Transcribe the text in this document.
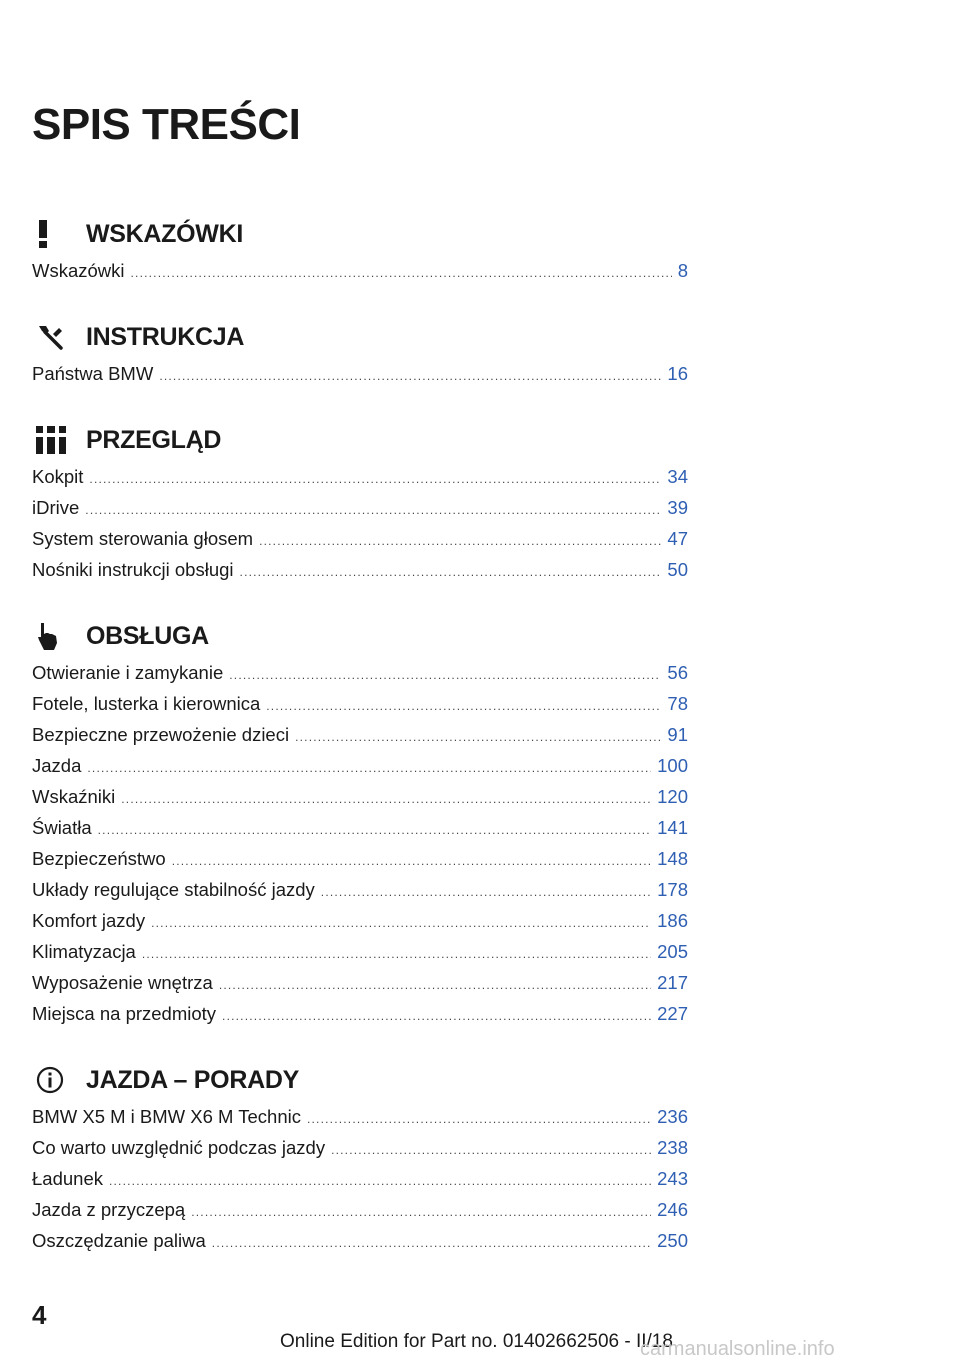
SPIS TREŚCI
WSKAZÓWKI
Wskazówki .....	8
INSTRUKCJA
Państwa BMW .....	16
PRZEGLĄD
Kokpit .....	34
iDrive .....	39
System sterowania głosem .....	47
Nośniki instrukcji obsługi .....	50
OBSŁUGA
Otwieranie i zamykanie .....	56
Fotele, lusterka i kierownica .....	78
Bezpieczne przewożenie dzieci .....	91
Jazda .....	100
Wskaźniki .....	120
Światła .....	141
Bezpieczeństwo .....	148
Układy regulujące stabilność jazdy .....	178
Komfort jazdy .....	186
Klimatyzacja .....	205
Wyposażenie wnętrza .....	217
Miejsca na przedmioty .....	227
JAZDA – PORADY
BMW X5 M i BMW X6 M Technic .....	236
Co warto uwzględnić podczas jazdy .....	238
Ładunek .....	243
Jazda z przyczepą .....	246
Oszczędzanie paliwa .....	250
4
Online Edition for Part no. 01402662506 - II/18
carmanualsonline.info
